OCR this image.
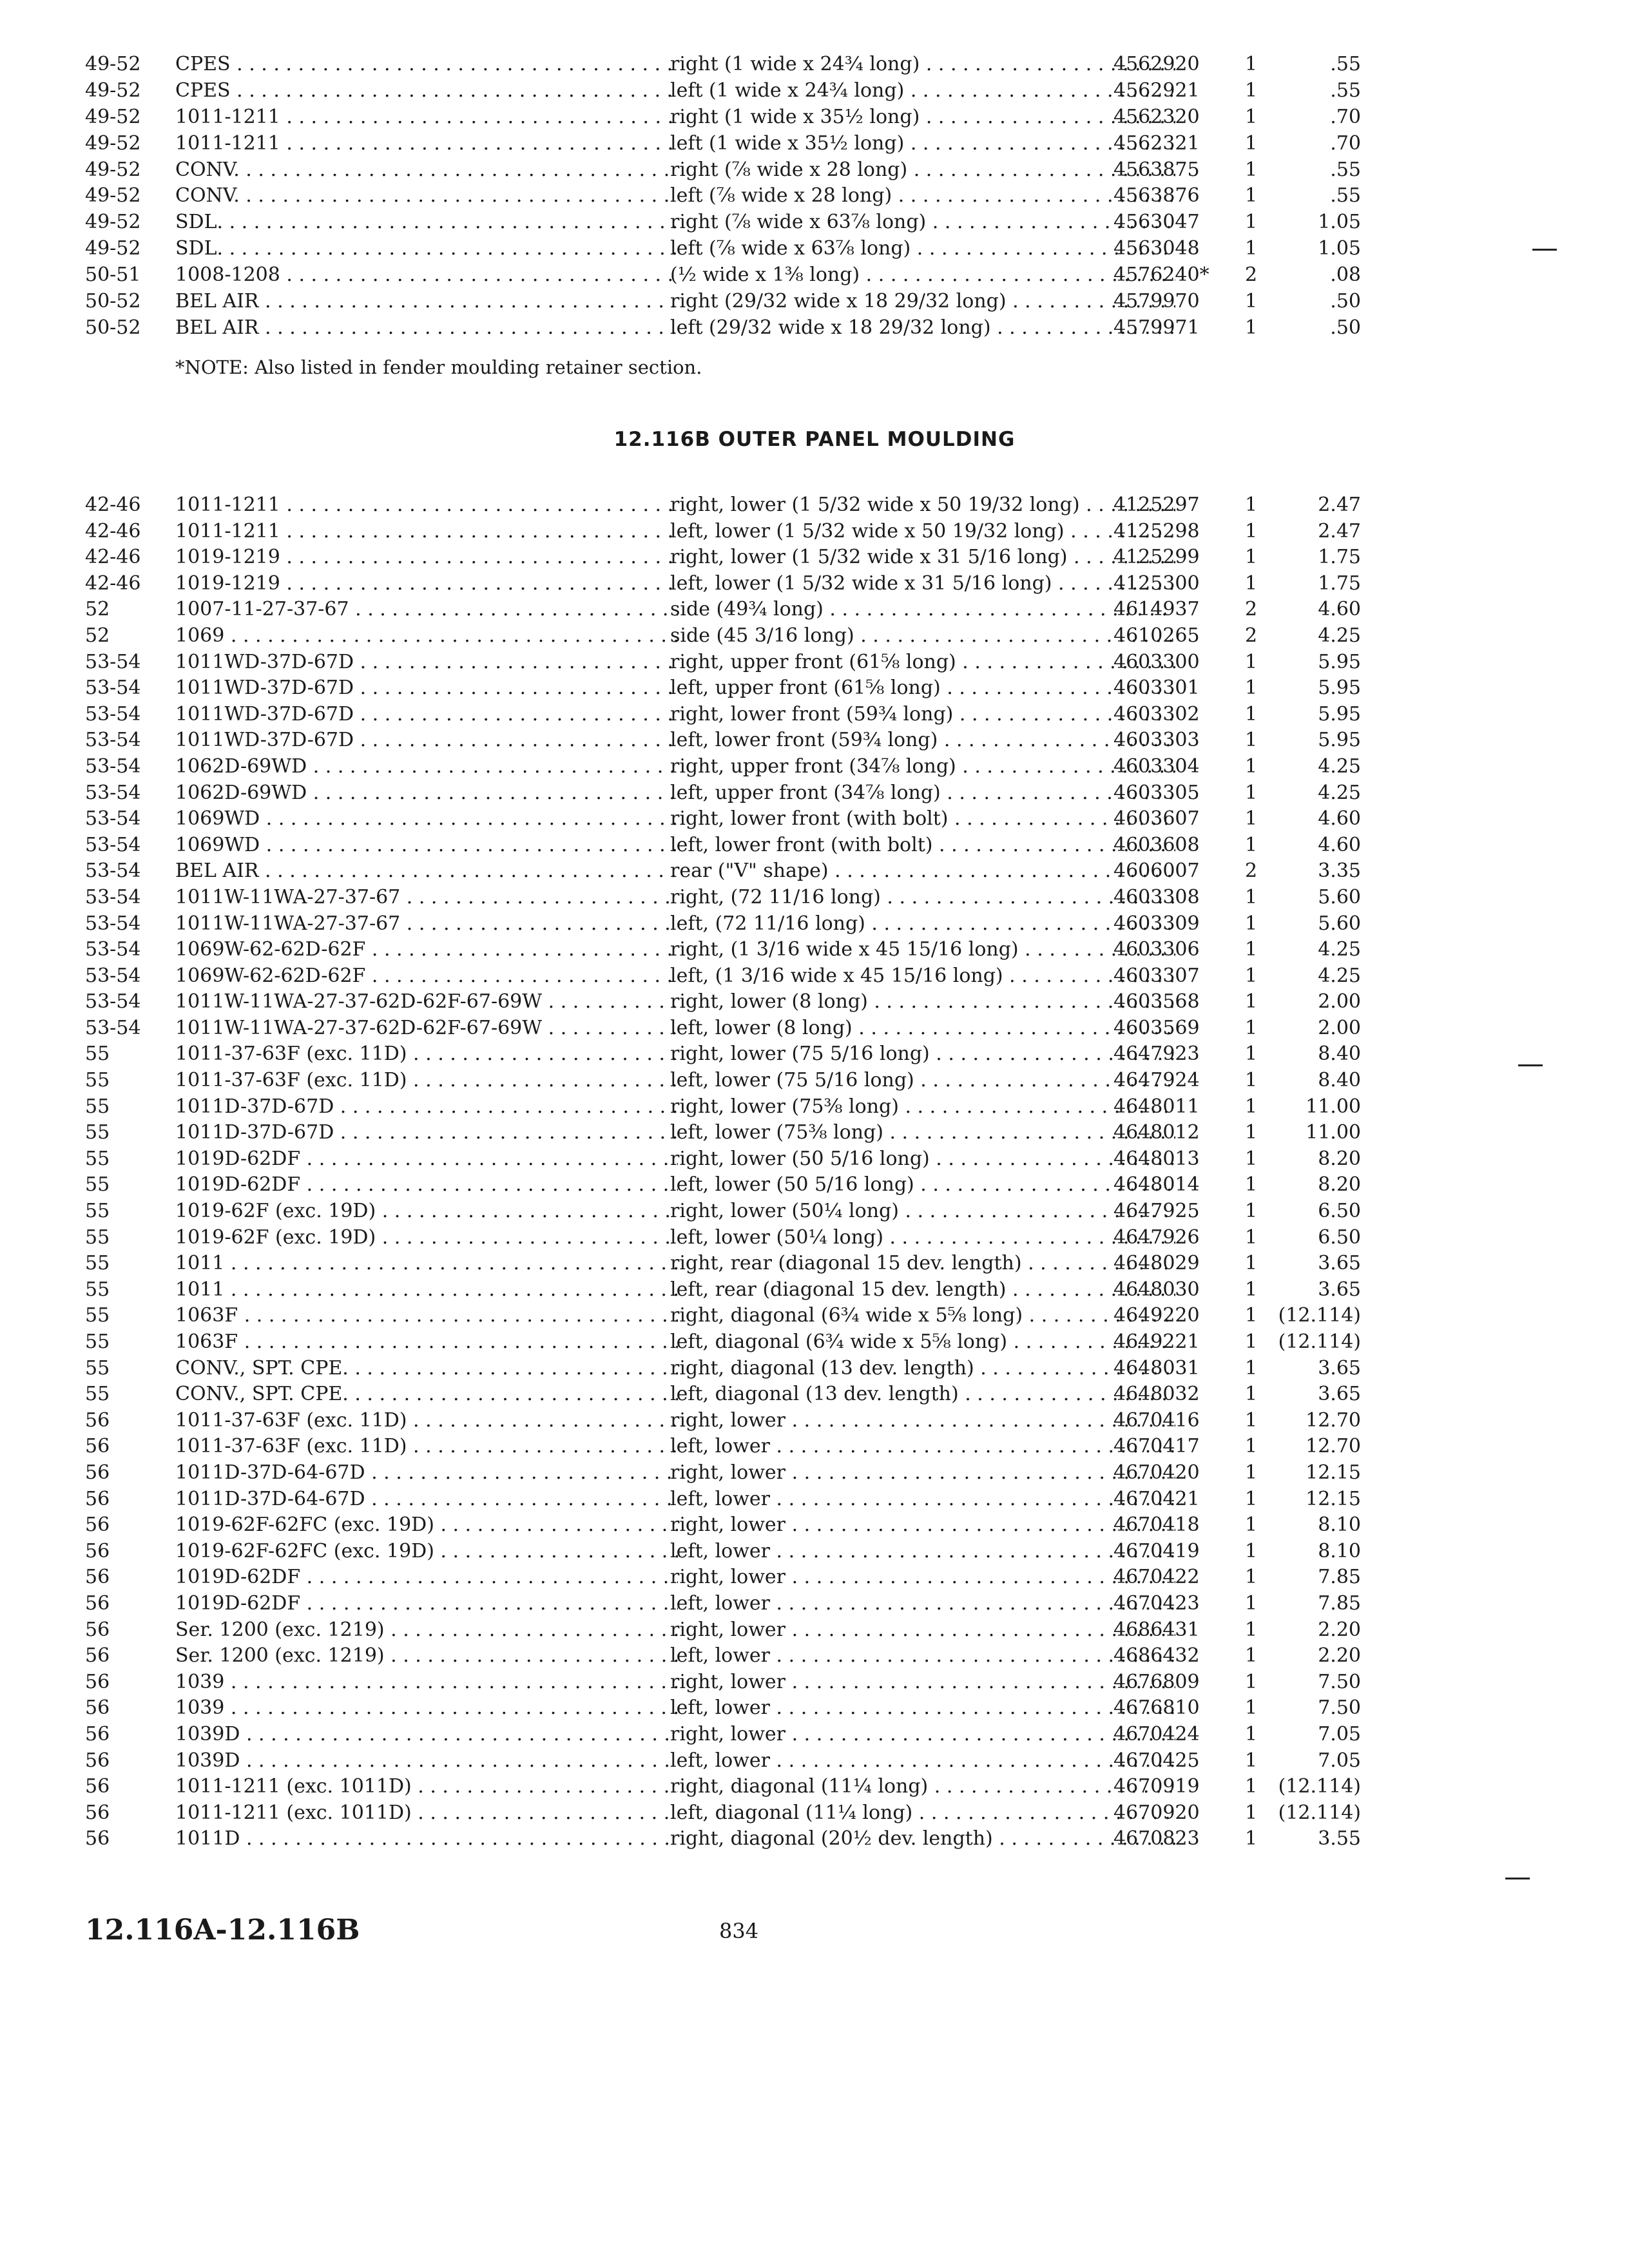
49-52 CPES . . .	right (1 wide x 24¾ long) . . .	4562920 1	.55
49-52 CPES . . .	left (1 wide x 24¾ long) . . .	4562921 1	.55
49-52 1011-1211 . . .	right (1 wide x 35½ long) . . .	4562320 1	.70
49-52 1011-1211 . . .	left (1 wide x 35½ long) . . .	4562321 1	.70
49-52 CONV. . . .	right (⅞ wide x 28 long) . . .	4563875 1	.55
49-52 CONV. . . .	left (⅞ wide x 28 long) . . .	4563876 1	.55
49-52 SDL. . . .	right (⅞ wide x 63⅞ long) . . .	4563047 1	1.05
49-52 SDL. . . .	left (⅞ wide x 63⅞ long) . . .	4563048 1	1.05
50-51 1008-1208 . . .	(½ wide x 1⅜ long) . . .	4576240* 2	.08
50-52 BEL AIR . . .	right (29/32 wide x 18 29/32 long) . . .	4579970 1	.50
50-52 BEL AIR . . .	left (29/32 wide x 18 29/32 long) . . .	4579971 1	.50
*NOTE: Also listed in fender moulding retainer section.
12.116B OUTER PANEL MOULDING
42-46 1011-1211 . . .	right, lower (1 5/32 wide x 50 19/32 long) . . .	4125297 1	2.47
42-46 1011-1211 . . .	left, lower (1 5/32 wide x 50 19/32 long) . . .	4125298 1	2.47
42-46 1019-1219 . . .	right, lower (1 5/32 wide x 31 5/16 long) . . .	4125299 1	1.75
42-46 1019-1219 . . .	left, lower (1 5/32 wide x 31 5/16 long) . . .	4125300 1	1.75
52	1007-11-27-37-67 . . .	side (49¾ long) . . .	4614937 2	4.60
52	1069 . . .	side (45 3/16 long) . . .	4610265 2	4.25
53-54 1011WD-37D-67D . . .	right, upper front (61⅝ long) . . .	4603300 1	5.95
53-54 1011WD-37D-67D . . .	left, upper front (61⅝ long) . . .	4603301 1	5.95
53-54 1011WD-37D-67D . . .	right, lower front (59¾ long) . . .	4603302 1	5.95
53-54 1011WD-37D-67D . . .	left, lower front (59¾ long) . . .	4603303 1	5.95
53-54 1062D-69WD . . .	right, upper front (34⅞ long) . . .	4603304 1	4.25
53-54 1062D-69WD . . .	left, upper front (34⅞ long) . . .	4603305 1	4.25
53-54 1069WD . . .	right, lower front (with bolt) . . .	4603607 1	4.60
53-54 1069WD . . .	left, lower front (with bolt) . . .	4603608 1	4.60
53-54 BEL AIR . . .	rear ("V" shape) . . .	4606007 2	3.35
53-54 1011W-11WA-27-37-67 . . .	right, (72 11/16 long) . . .	4603308 1	5.60
53-54 1011W-11WA-27-37-67 . . .	left, (72 11/16 long) . . .	4603309 1	5.60
53-54 1069W-62-62D-62F . . .	right, (1 3/16 wide x 45 15/16 long) . . .	4603306 1	4.25
53-54 1069W-62-62D-62F . . .	left, (1 3/16 wide x 45 15/16 long) . . .	4603307 1	4.25
53-54 1011W-11WA-27-37-62D-62F-67-69W . . .	right, lower (8 long) . . .	4603568 1	2.00
53-54 1011W-11WA-27-37-62D-62F-67-69W . . .	left, lower (8 long) . . .	4603569 1	2.00
55	1011-37-63F (exc. 11D) . . .	right, lower (75 5/16 long) . . .	4647923 1	8.40
55	1011-37-63F (exc. 11D) . . .	left, lower (75 5/16 long) . . .	4647924 1	8.40
55	1011D-37D-67D . . .	right, lower (75⅜ long) . . .	4648011 1	11.00
55	1011D-37D-67D . . .	left, lower (75⅜ long) . . .	4648012 1	11.00
55	1019D-62DF . . .	right, lower (50 5/16 long) . . .	4648013 1	8.20
55	1019D-62DF . . .	left, lower (50 5/16 long) . . .	4648014 1	8.20
55	1019-62F (exc. 19D) . . .	right, lower (50¼ long) . . .	4647925 1	6.50
55	1019-62F (exc. 19D) . . .	left, lower (50¼ long) . . .	4647926 1	6.50
55	1011 . . .	right, rear (diagonal 15 dev. length) . . .	4648029 1	3.65
55	1011 . . .	left, rear (diagonal 15 dev. length) . . .	4648030 1	3.65
55	1063F . . .	right, diagonal (6¾ wide x 5⅝ long) . . .	4649220 1	(12.114)
55	1063F . . .	left, diagonal (6¾ wide x 5⅝ long) . . .	4649221 1	(12.114)
55	CONV., SPT. CPE. . . .	right, diagonal (13 dev. length) . . .	4648031 1	3.65
55	CONV., SPT. CPE. . . .	left, diagonal (13 dev. length) . . .	4648032 1	3.65
56	1011-37-63F (exc. 11D) . . .	right, lower . . .	4670416 1	12.70
56	1011-37-63F (exc. 11D) . . .	left, lower . . .	4670417 1	12.70
56	1011D-37D-64-67D . . .	right, lower . . .	4670420 1	12.15
56	1011D-37D-64-67D . . .	left, lower . . .	4670421 1	12.15
56	1019-62F-62FC (exc. 19D) . . .	right, lower . . .	4670418 1	8.10
56	1019-62F-62FC (exc. 19D) . . .	left, lower . . .	4670419 1	8.10
56	1019D-62DF . . .	right, lower . . .	4670422 1	7.85
56	1019D-62DF . . .	left, lower . . .	4670423 1	7.85
56	Ser. 1200 (exc. 1219) . . .	right, lower . . .	4686431 1	2.20
56	Ser. 1200 (exc. 1219) . . .	left, lower . . .	4686432 1	2.20
56	1039 . . .	right, lower . . .	4676809 1	7.50
56	1039 . . .	left, lower . . .	4676810 1	7.50
56	1039D . . .	right, lower . . .	4670424 1	7.05
56	1039D . . .	left, lower . . .	4670425 1	7.05
56	1011-1211 (exc. 1011D) . . .	right, diagonal (11¼ long) . . .	4670919 1	(12.114)
56	1011-1211 (exc. 1011D) . . .	left, diagonal (11¼ long) . . .	4670920 1	(12.114)
56	1011D . . .	right, diagonal (20½ dev. length) . . .	4670823 1	3.55
12.116A-12.116B	834
